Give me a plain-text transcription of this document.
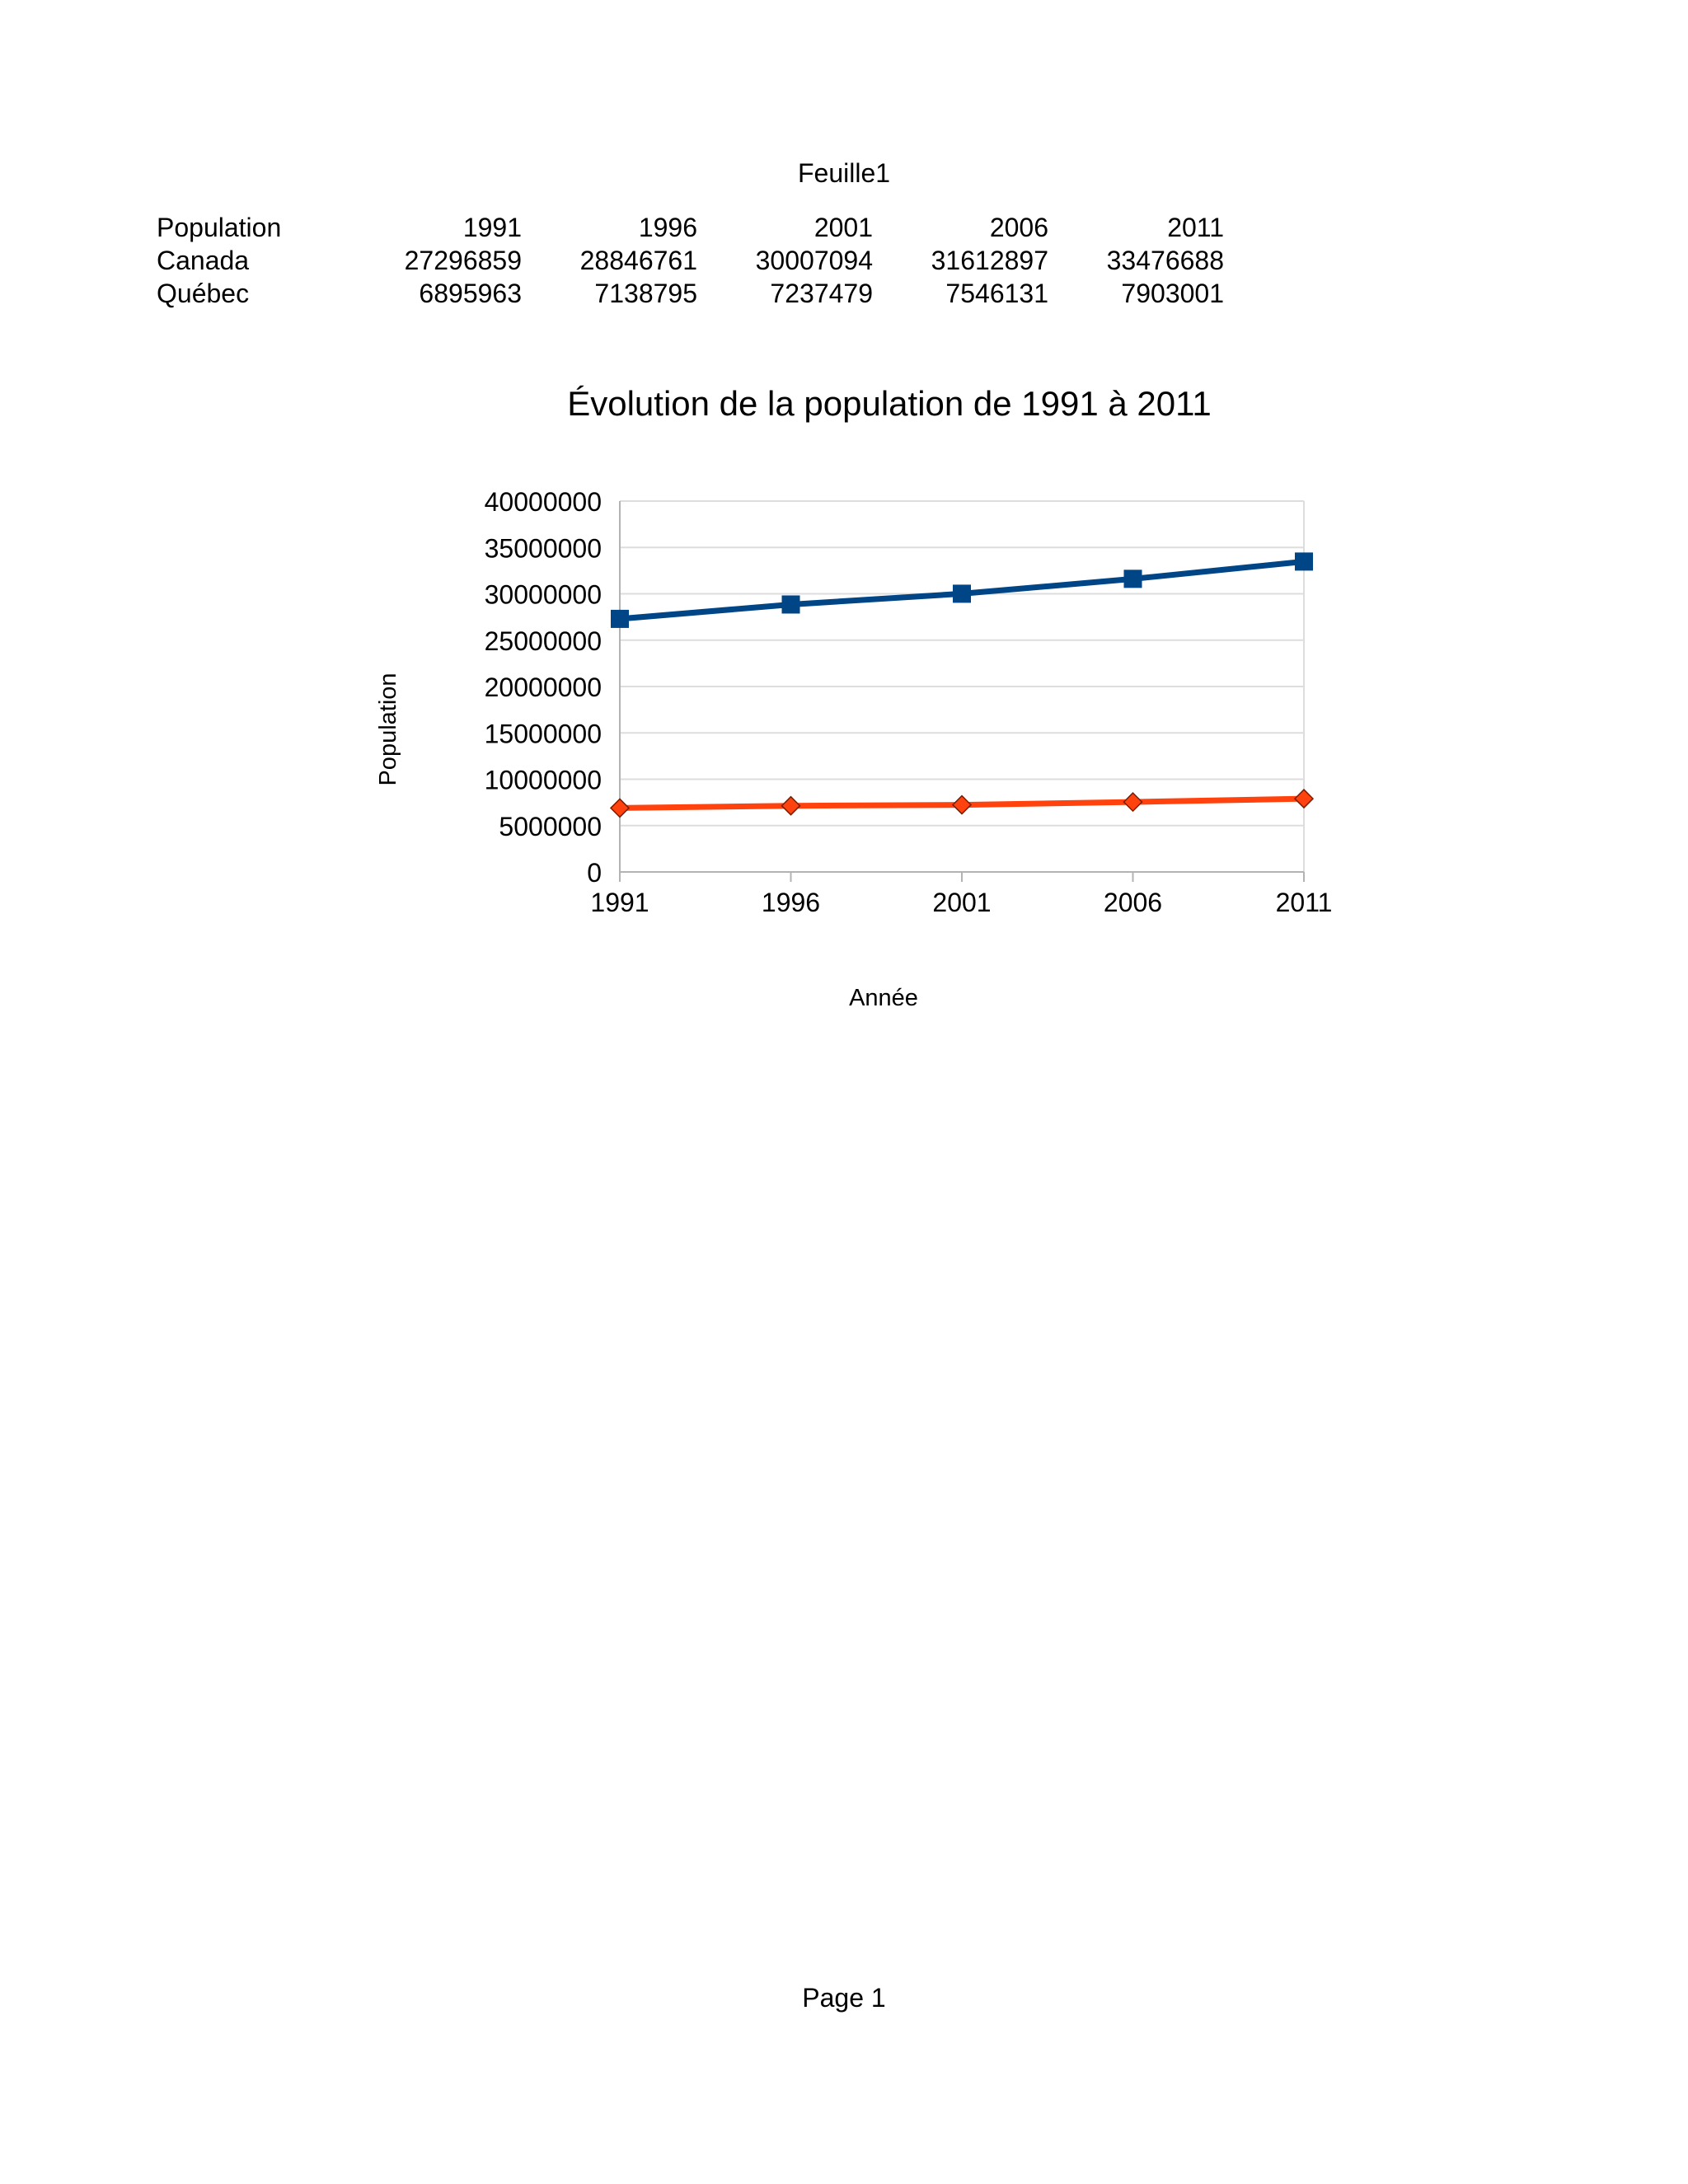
Feuille1
Population	1991	1996	2001	2006	2011
Canada	27296859	28846761	30007094	31612897	33476688
Québec	6895963	7138795	7237479	7546131	7903001
Évolution de la population de 1991 à 2011
0
5000000
10000000
15000000
20000000
25000000
30000000
35000000
40000000
1991	1996	2001	2006	2011
Année
Population
Page 1
